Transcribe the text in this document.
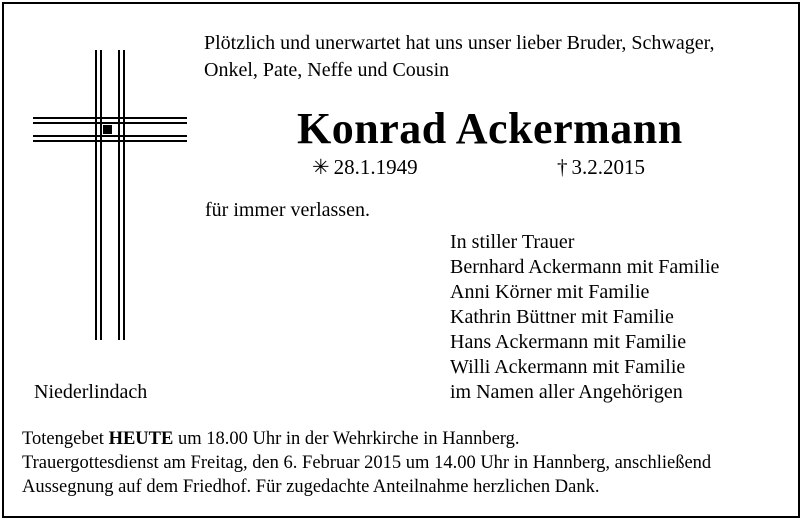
Plötzlich und unerwartet hat uns unser lieber Bruder, Schwager,
Onkel, Pate, Neffe und Cousin
Konrad Ackermann
✳ 28.1.1949	† 3.2.2015
für immer verlassen.
In stiller Trauer
Bernhard Ackermann mit Familie
Anni Körner mit Familie
Kathrin Büttner mit Familie
Hans Ackermann mit Familie
Willi Ackermann mit Familie
im Namen aller Angehörigen
Niederlindach
Totengebet HEUTE um 18.00 Uhr in der Wehrkirche in Hannberg.
Trauergottesdienst am Freitag, den 6. Februar 2015 um 14.00 Uhr in Hannberg, anschließend
Aussegnung auf dem Friedhof. Für zugedachte Anteilnahme herzlichen Dank.
